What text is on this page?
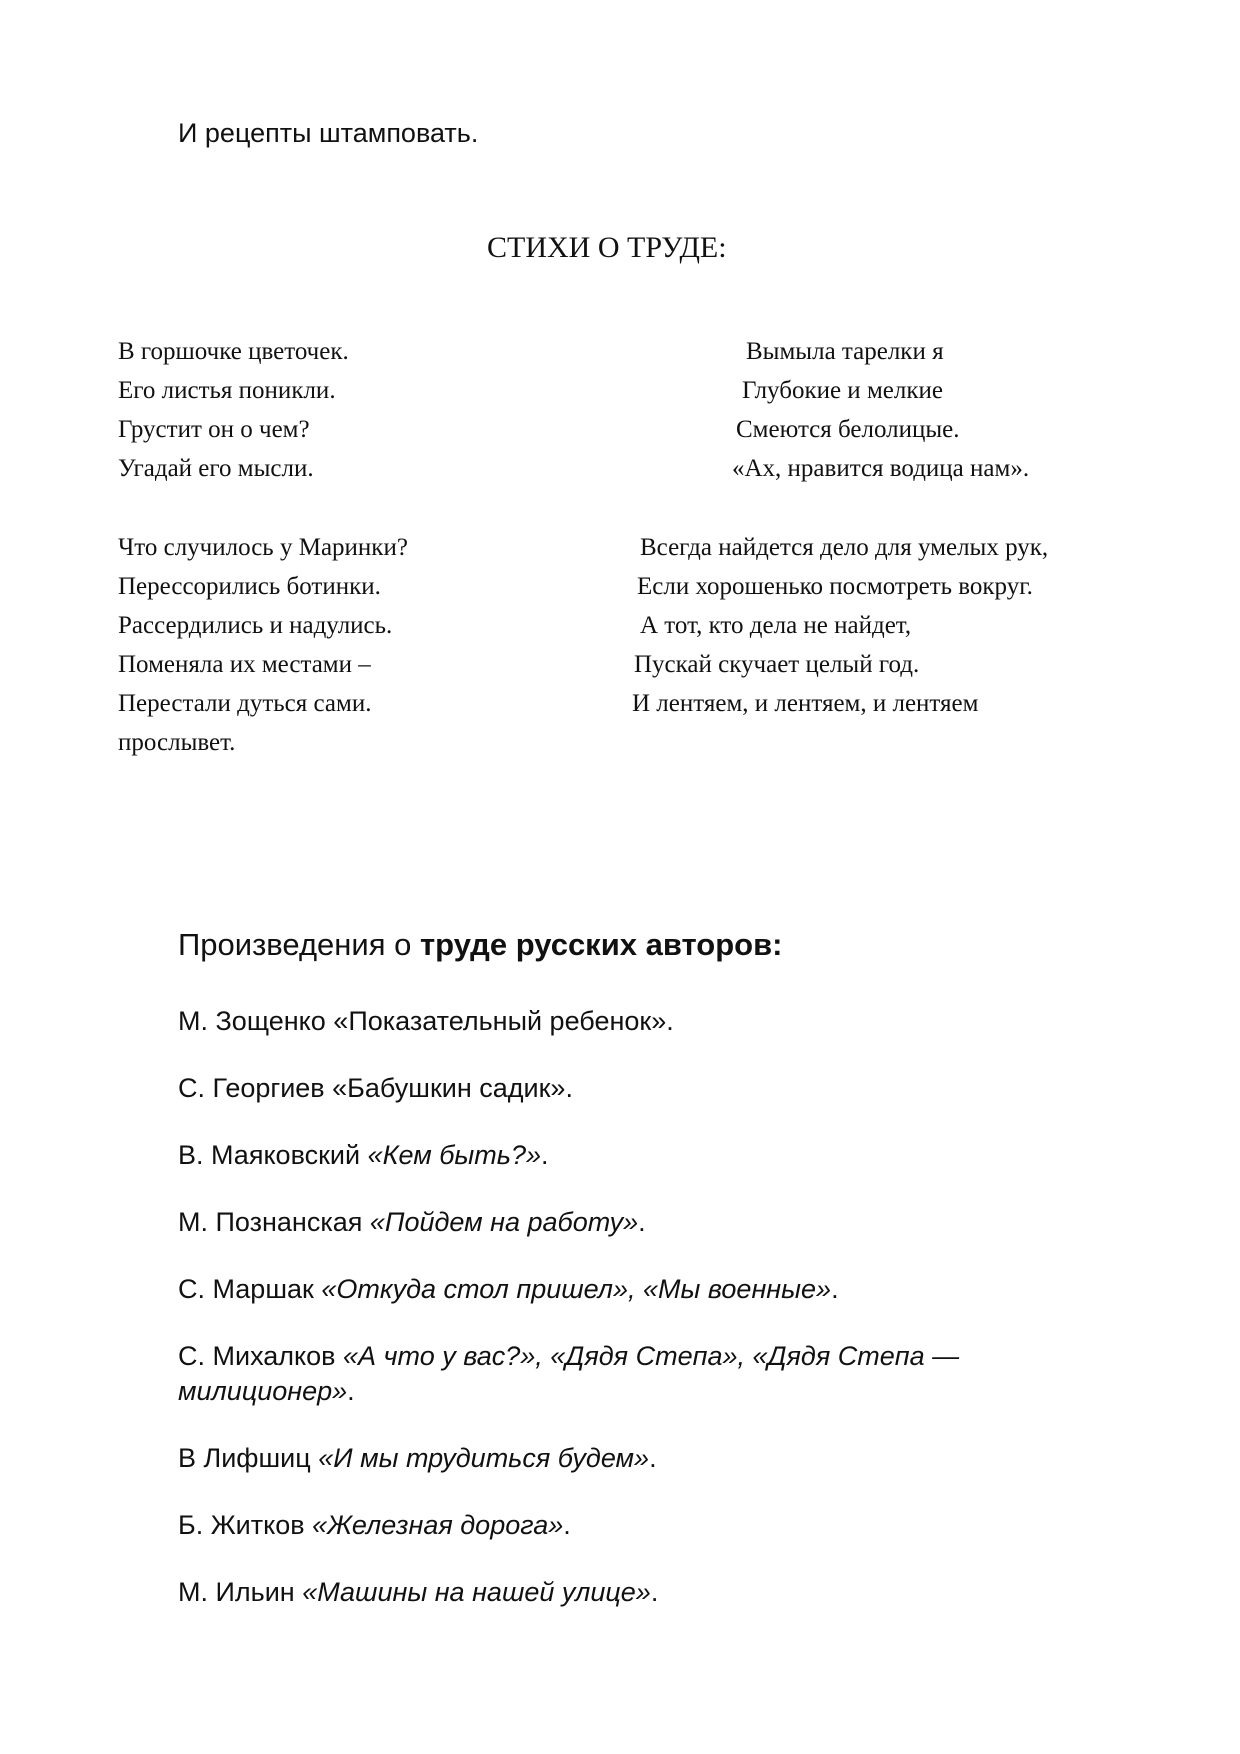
И рецепты штамповать.
СТИХИ О ТРУДЕ:
В горшочке цветочек.
Его листья поникли.
Грустит он о чем?
Угадай его мысли.
Вымыла тарелки я
Глубокие и мелкие
Смеются белолицые.
«Ах, нравится водица нам».
Что случилось у Маринки?
Перессорились ботинки.
Рассердились и надулись.
Поменяла их местами –
Перестали дуться сами.
прослывет.
Всегда найдется дело для умелых рук,
Если хорошенько посмотреть вокруг.
А тот, кто дела не найдет,
Пускай скучает целый год.
И лентяем, и лентяем, и лентяем
Произведения о труде русских авторов:
М. Зощенко «Показательный ребенок».
С. Георгиев «Бабушкин садик».
В. Маяковский «Кем быть?».
М. Познанская «Пойдем на работу».
С. Маршак «Откуда стол пришел», «Мы военные».
С. Михалков «А что у вас?», «Дядя Степа», «Дядя Степа — милиционер».
В Лифшиц «И мы трудиться будем».
Б. Житков «Железная дорога».
М. Ильин «Машины на нашей улице».
